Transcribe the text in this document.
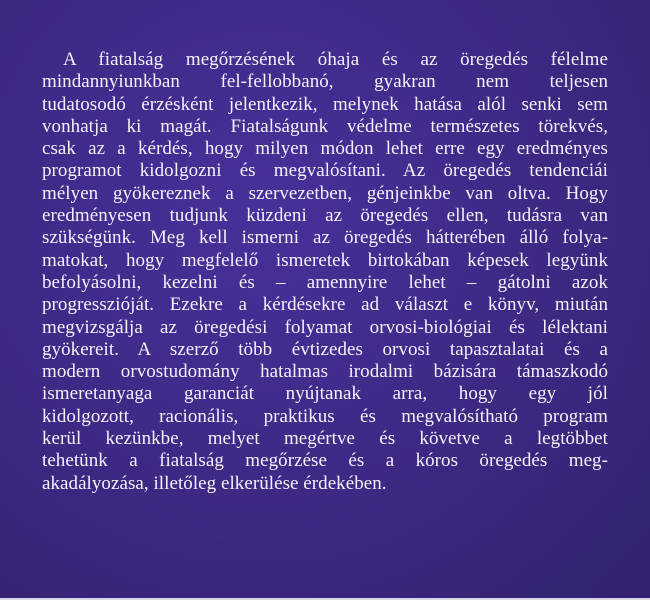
A fiatalság megőrzésének óhaja és az öregedés félelme
mindannyiunkban fel-fellobbanó, gyakran nem teljesen
tudatosodó érzésként jelentkezik, melynek hatása alól senki sem
vonhatja ki magát. Fiatalságunk védelme természetes törekvés,
csak az a kérdés, hogy milyen módon lehet erre egy eredményes
programot kidolgozni és megvalósítani. Az öregedés tendenciái
mélyen gyökereznek a szervezetben, génjeinkbe van oltva. Hogy
eredményesen tudjunk küzdeni az öregedés ellen, tudásra van
szükségünk. Meg kell ismerni az öregedés hátterében álló folya-
matokat, hogy megfelelő ismeretek birtokában képesek legyünk
befolyásolni, kezelni és – amennyire lehet – gátolni azok
progresszióját. Ezekre a kérdésekre ad választ e könyv, miután
megvizsgálja az öregedési folyamat orvosi-biológiai és lélektani
gyökereit. A szerző több évtizedes orvosi tapasztalatai és a
modern orvostudomány hatalmas irodalmi bázisára támaszkodó
ismeretanyaga garanciát nyújtanak arra, hogy egy jól
kidolgozott, racionális, praktikus és megvalósítható program
kerül kezünkbe, melyet megértve és követve a legtöbbet
tehetünk a fiatalság megőrzése és a kóros öregedés meg-
akadályozása, illetőleg elkerülése érdekében.
